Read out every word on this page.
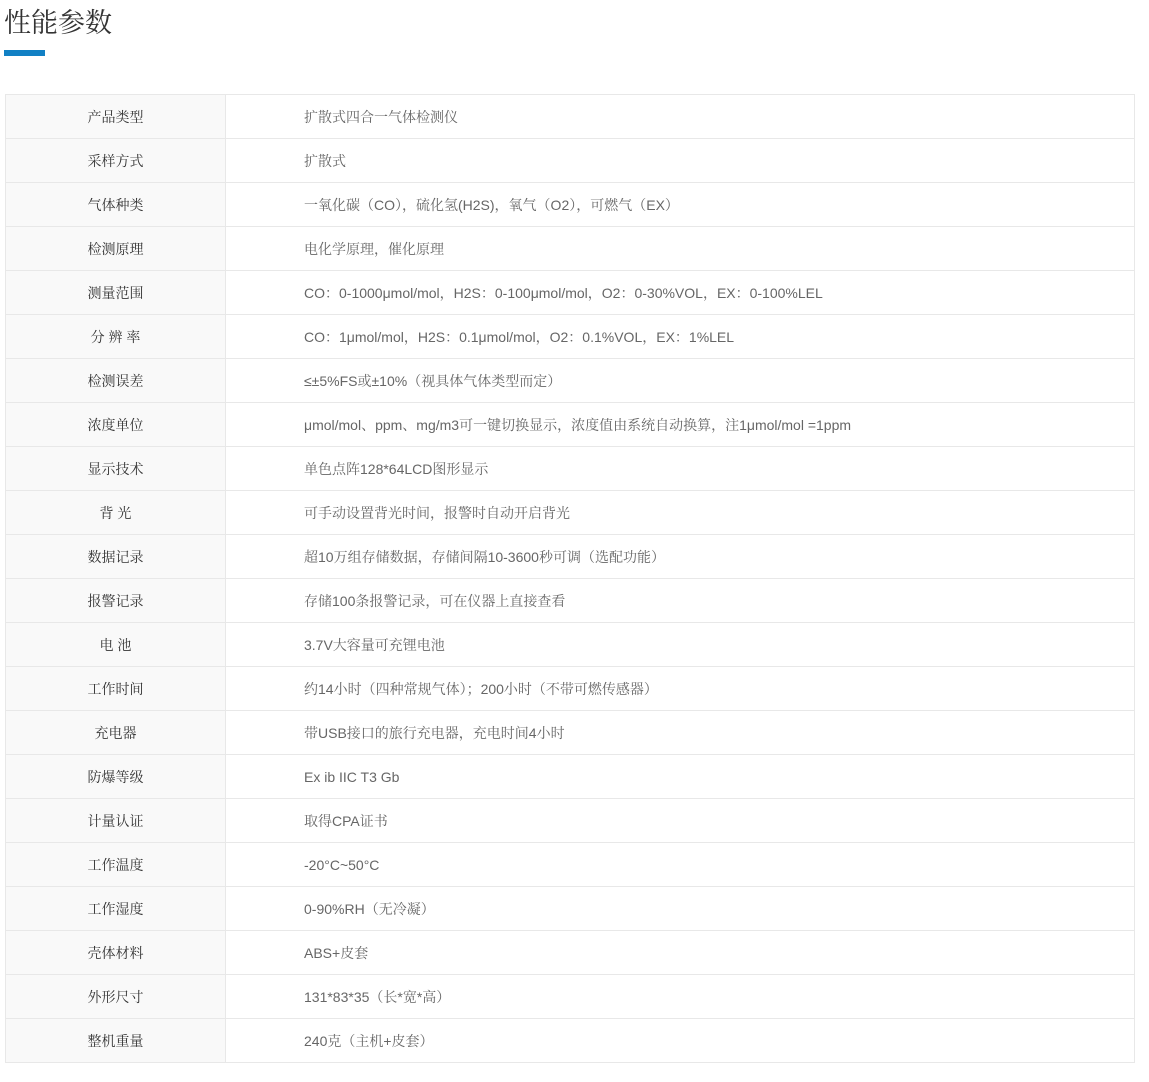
性能参数
产品类型	扩散式四合一气体检测仪
采样方式	扩散式
气体种类	一氧化碳（CO），硫化氢(H2S)，氧气（O2），可燃气（EX）
检测原理	电化学原理，催化原理
测量范围	CO：0-1000μmol/mol，H2S：0-100μmol/mol，O2：0-30%VOL，EX：0-100%LEL
分 辨 率	CO：1μmol/mol，H2S：0.1μmol/mol，O2：0.1%VOL，EX：1%LEL
检测误差	≤±5%FS或±10%（视具体气体类型而定）
浓度单位	μmol/mol、ppm、mg/m3可一键切换显示，浓度值由系统自动换算，注1μmol/mol =1ppm
显示技术	单色点阵128*64LCD图形显示
背 光	可手动设置背光时间，报警时自动开启背光
数据记录	超10万组存储数据，存储间隔10-3600秒可调（选配功能）
报警记录	存储100条报警记录，可在仪器上直接查看
电 池	3.7V大容量可充锂电池
工作时间	约14小时（四种常规气体）；200小时（不带可燃传感器）
充电器	带USB接口的旅行充电器，充电时间4小时
防爆等级	Ex ib IIC T3 Gb
计量认证	取得CPA证书
工作温度	-20°C~50°C
工作湿度	0-90%RH（无冷凝）
壳体材料	ABS+皮套
外形尺寸	131*83*35（长*宽*高）
整机重量	240克（主机+皮套）
